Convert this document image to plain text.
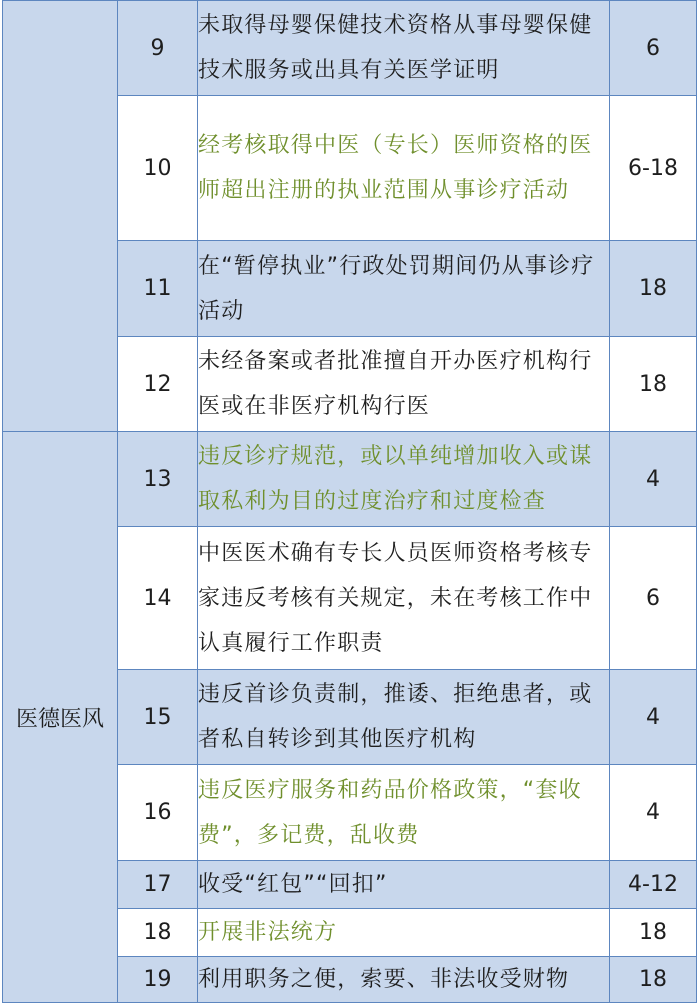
	9	未取得母婴保健技术资格从事母婴保健技术服务或出具有关医学证明	6
	10	经考核取得中医（专长）医师资格的医师超出注册的执业范围从事诊疗活动	6-18
	11	在“暂停执业”行政处罚期间仍从事诊疗活动	18
	12	未经备案或者批准擅自开办医疗机构行医或在非医疗机构行医	18
医德医风	13	违反诊疗规范，或以单纯增加收入或谋取私利为目的过度治疗和过度检查	4
	14	中医医术确有专长人员医师资格考核专家违反考核有关规定，未在考核工作中认真履行工作职责	6
	15	违反首诊负责制，推诿、拒绝患者，或者私自转诊到其他医疗机构	4
	16	违反医疗服务和药品价格政策，“套收费”，多记费，乱收费	4
	17	收受“红包”“回扣”	4-12
	18	开展非法统方	18
	19	利用职务之便，索要、非法收受财物	18
